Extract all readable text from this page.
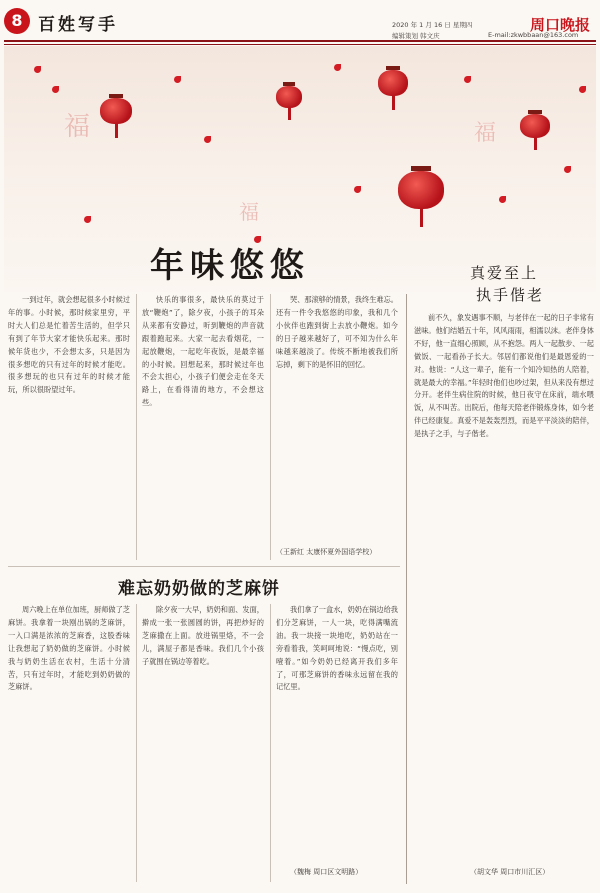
8 百姓写手	周口晚报
2020 年 1 月 16 日 星期四
编辑策划 韩文庆	E-mail:zkwbbaan@163.com
福
福
福
年味悠悠

一到过年，就会想起很多小时候过年的事。小时候，那时候家里穷，平时大人们总是忙着苦生活的，但学只有到了年节大家才能快乐起来。那时候年货也少，不会想太多，只是因为很多想吃的只有过年的时候才能吃。很多想玩的也只有过年的时候才能玩，所以很盼望过年。

快乐的事很多，最快乐的莫过于放“鞭炮”了，除夕夜，小孩子的耳朵从来都有安静过，听到鞭炮的声音就跟着跑起来。大家一起去看烟花，一起放鞭炮，一起吃年夜饭，是最幸福的小时候。回想起来，那时候过年也不会太担心，小孩子们便会走在冬天路上，在看得清的地方，不会想这些。

哭、那滚够的情景，我终生难忘。还有一件令我悠悠的印象，我和几个小伙伴也跑到街上去放小鞭炮。如今的日子越来越好了，可不知为什么年味越来越淡了。传统不断地被我们所忘掉，剩下的是怀旧的回忆。

（王新红 太康怀夏外国语学校）
难忘奶奶做的芝麻饼

周六晚上在单位加班，厨师做了芝麻饼。我拿着一块刚出锅的芝麻饼，一入口满是浓浓的芝麻香，这股香味让我想起了奶奶做的芝麻饼。小时候我与奶奶生活在农村，生活十分清苦，只有过年时，才能吃到奶奶做的芝麻饼。

除夕夜一大早，奶奶和面、发面，擀成一张一张圆圆的饼，再把炒好的芝麻撒在上面。放进锅里烙，不一会儿，满屋子都是香味。我们几个小孩子就围在锅边等着吃。

我们拿了一盒水，奶奶在锅边给我们分芝麻饼，一人一块，吃得满嘴流油。我一块接一块地吃，奶奶站在一旁看着我，笑呵呵地说：“慢点吃，别噎着。”如今奶奶已经离开我们多年了，可那芝麻饼的香味永远留在我的记忆里。

（魏梅 周口区文明路）
真爱至上
执手偕老

前不久，象发遇事不顺，与老伴在一起的日子非常有滋味。他们结婚五十年，风风雨雨，相濡以沫。老伴身体不好，他一直细心照顾，从不抱怨。两人一起散步、一起做饭、一起看孙子长大。邻居们都说他们是最恩爱的一对。他说：“人这一辈子，能有一个知冷知热的人陪着，就是最大的幸福。”年轻时他们也吵过架，但从来没有想过分开。老伴生病住院的时候，他日夜守在床前，端水喂饭，从不叫苦。出院后，他每天陪老伴锻炼身体，如今老伴已经康复。真爱不是轰轰烈烈，而是平平淡淡的陪伴，是执子之手，与子偕老。

（胡文华 周口市川汇区）
